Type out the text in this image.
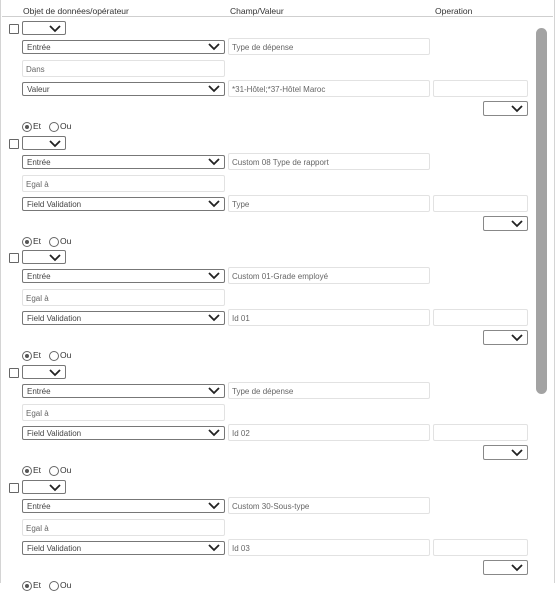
Objet de données/opérateur	Champ/Valeur	Operation
Entrée	Type de dépense
Dans
Valeur	*31-Hôtel;*37-Hôtel Maroc
Et Ou
Entrée	Custom 08 Type de rapport
Egal à
Field Validation	Type
Et Ou
Entrée	Custom 01-Grade employé
Egal à
Field Validation	Id 01
Et Ou
Entrée	Type de dépense
Egal à
Field Validation	Id 02
Et Ou
Entrée	Custom 30-Sous-type
Egal à
Field Validation	Id 03
Et Ou
